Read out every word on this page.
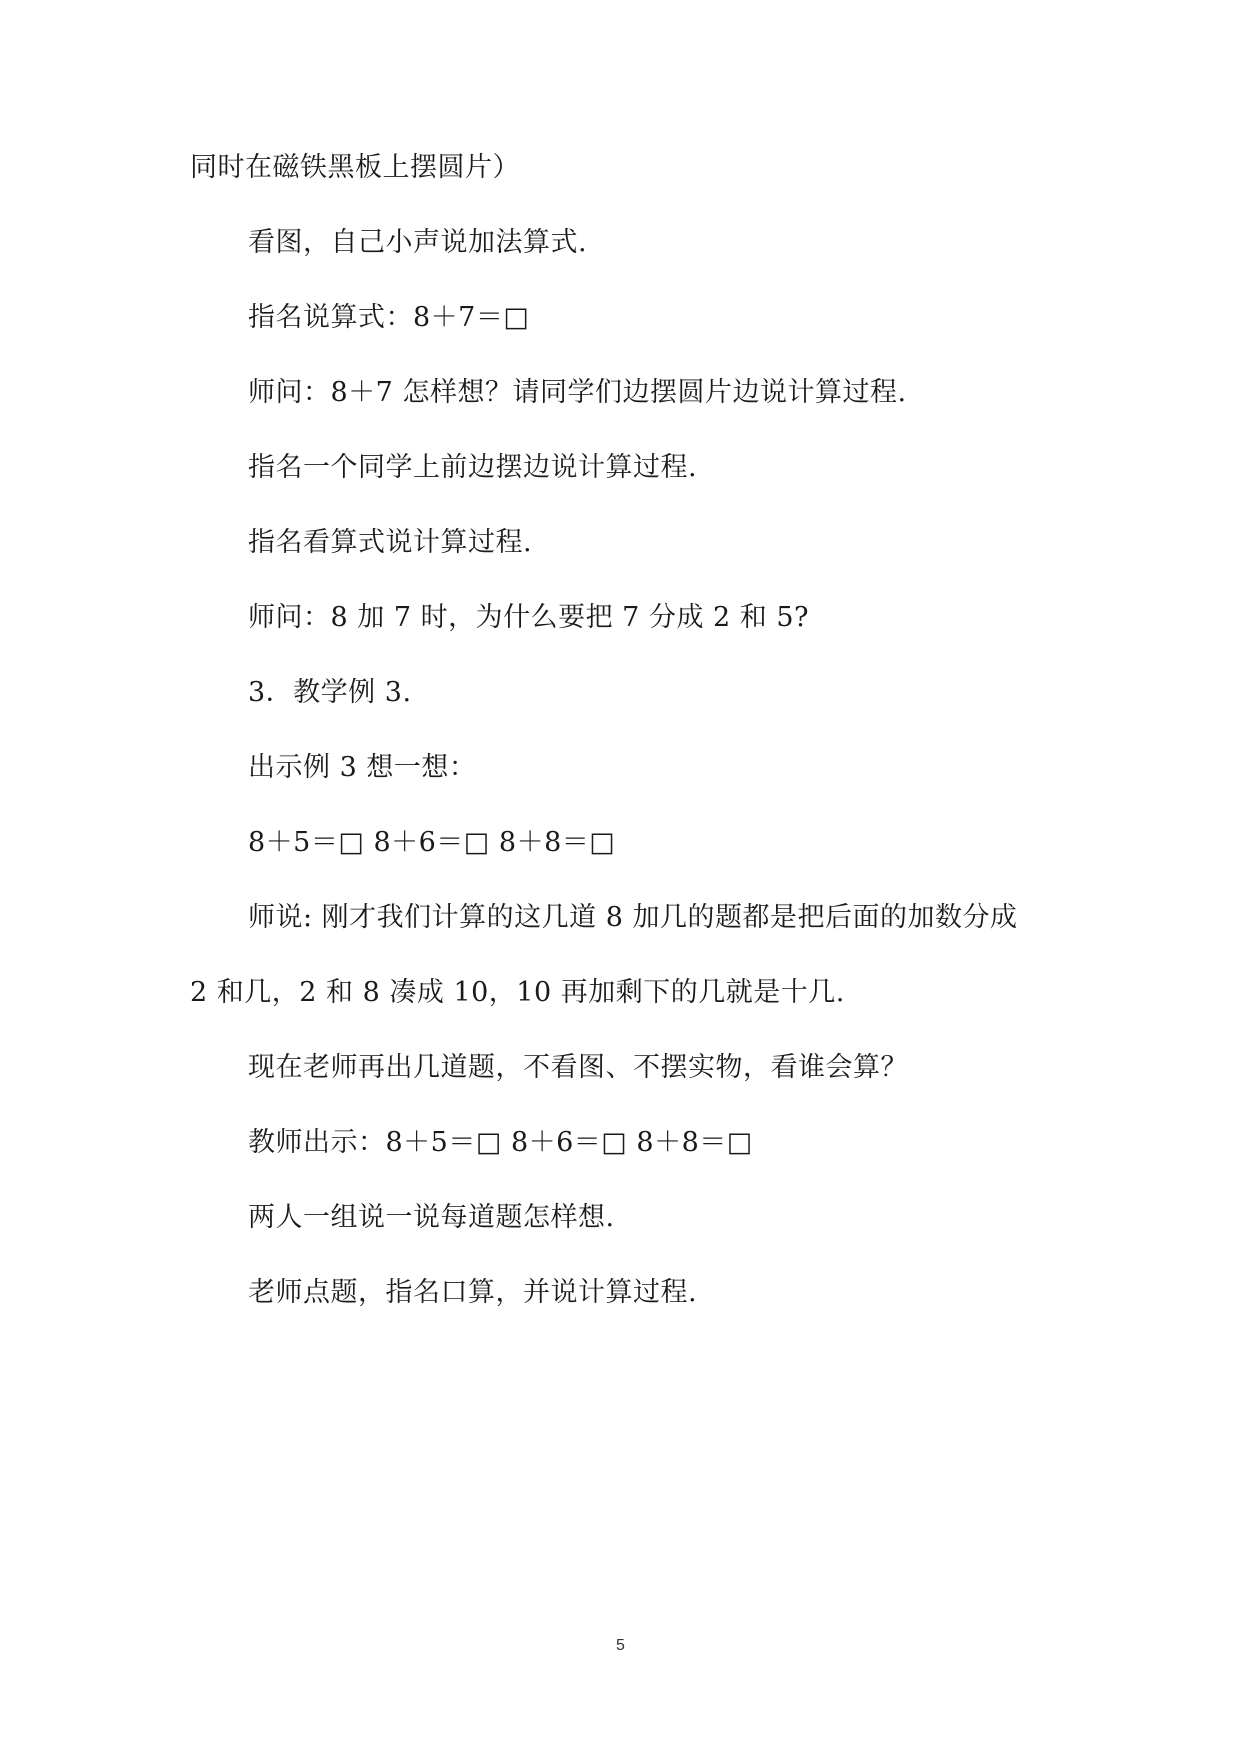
同时在磁铁黑板上摆圆片）
看图，自己小声说加法算式.
指名说算式：8＋7＝□
师问：8＋7 怎样想？请同学们边摆圆片边说计算过程.
指名一个同学上前边摆边说计算过程.
指名看算式说计算过程.
师问：8 加 7 时，为什么要把 7 分成 2 和 5?
3．教学例 3.
出示例 3 想一想：
8＋5＝□ 8＋6＝□ 8＋8＝□
师说: 刚才我们计算的这几道 8 加几的题都是把后面的加数分成
2 和几，2 和 8 凑成 10，10 再加剩下的几就是十几.
现在老师再出几道题，不看图、不摆实物，看谁会算？
教师出示：8＋5＝□ 8＋6＝□ 8＋8＝□
两人一组说一说每道题怎样想.
老师点题，指名口算，并说计算过程.
5
